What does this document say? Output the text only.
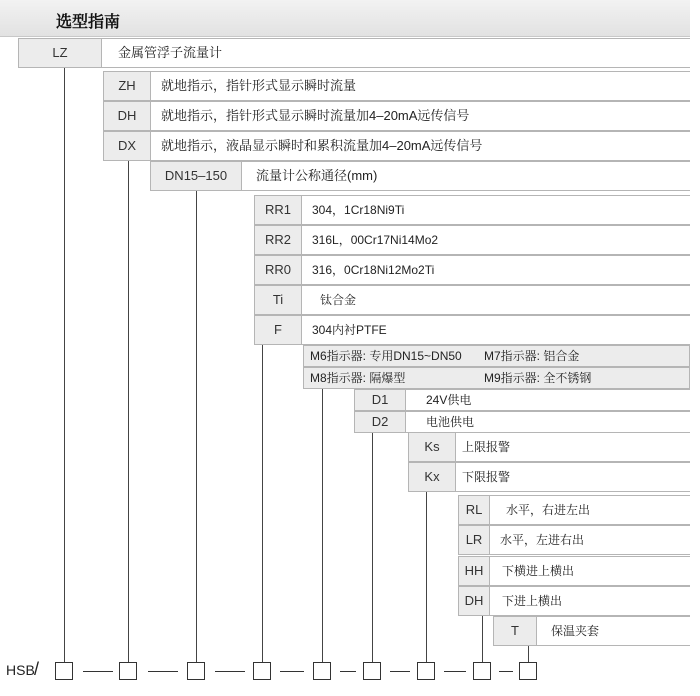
选型指南
LZ	金属管浮子流量计
ZH	就地指示，指针形式显示瞬时流量
DH	就地指示，指针形式显示瞬时流量加4–20mA远传信号
DX	就地指示，液晶显示瞬时和累积流量加4–20mA远传信号
DN15–150	流量计公称通径(mm)
RR1	304，1Cr18Ni9Ti
RR2	316L，00Cr17Ni14Mo2
RR0	316，0Cr18Ni12Mo2Ti
Ti	钛合金
F	304内衬PTFE
M6指示器: 专用DN15~DN50 M7指示器: 铝合金
M8指示器: 隔爆型	M9指示器: 全不锈钢
D1	24V供电
D2	电池供电
Ks	上限报警
Kx	下限报警
RL	水平，右进左出
LR	水平，左进右出
HH	下横进上横出
DH	下进上横出
T	保温夹套
HSB /
